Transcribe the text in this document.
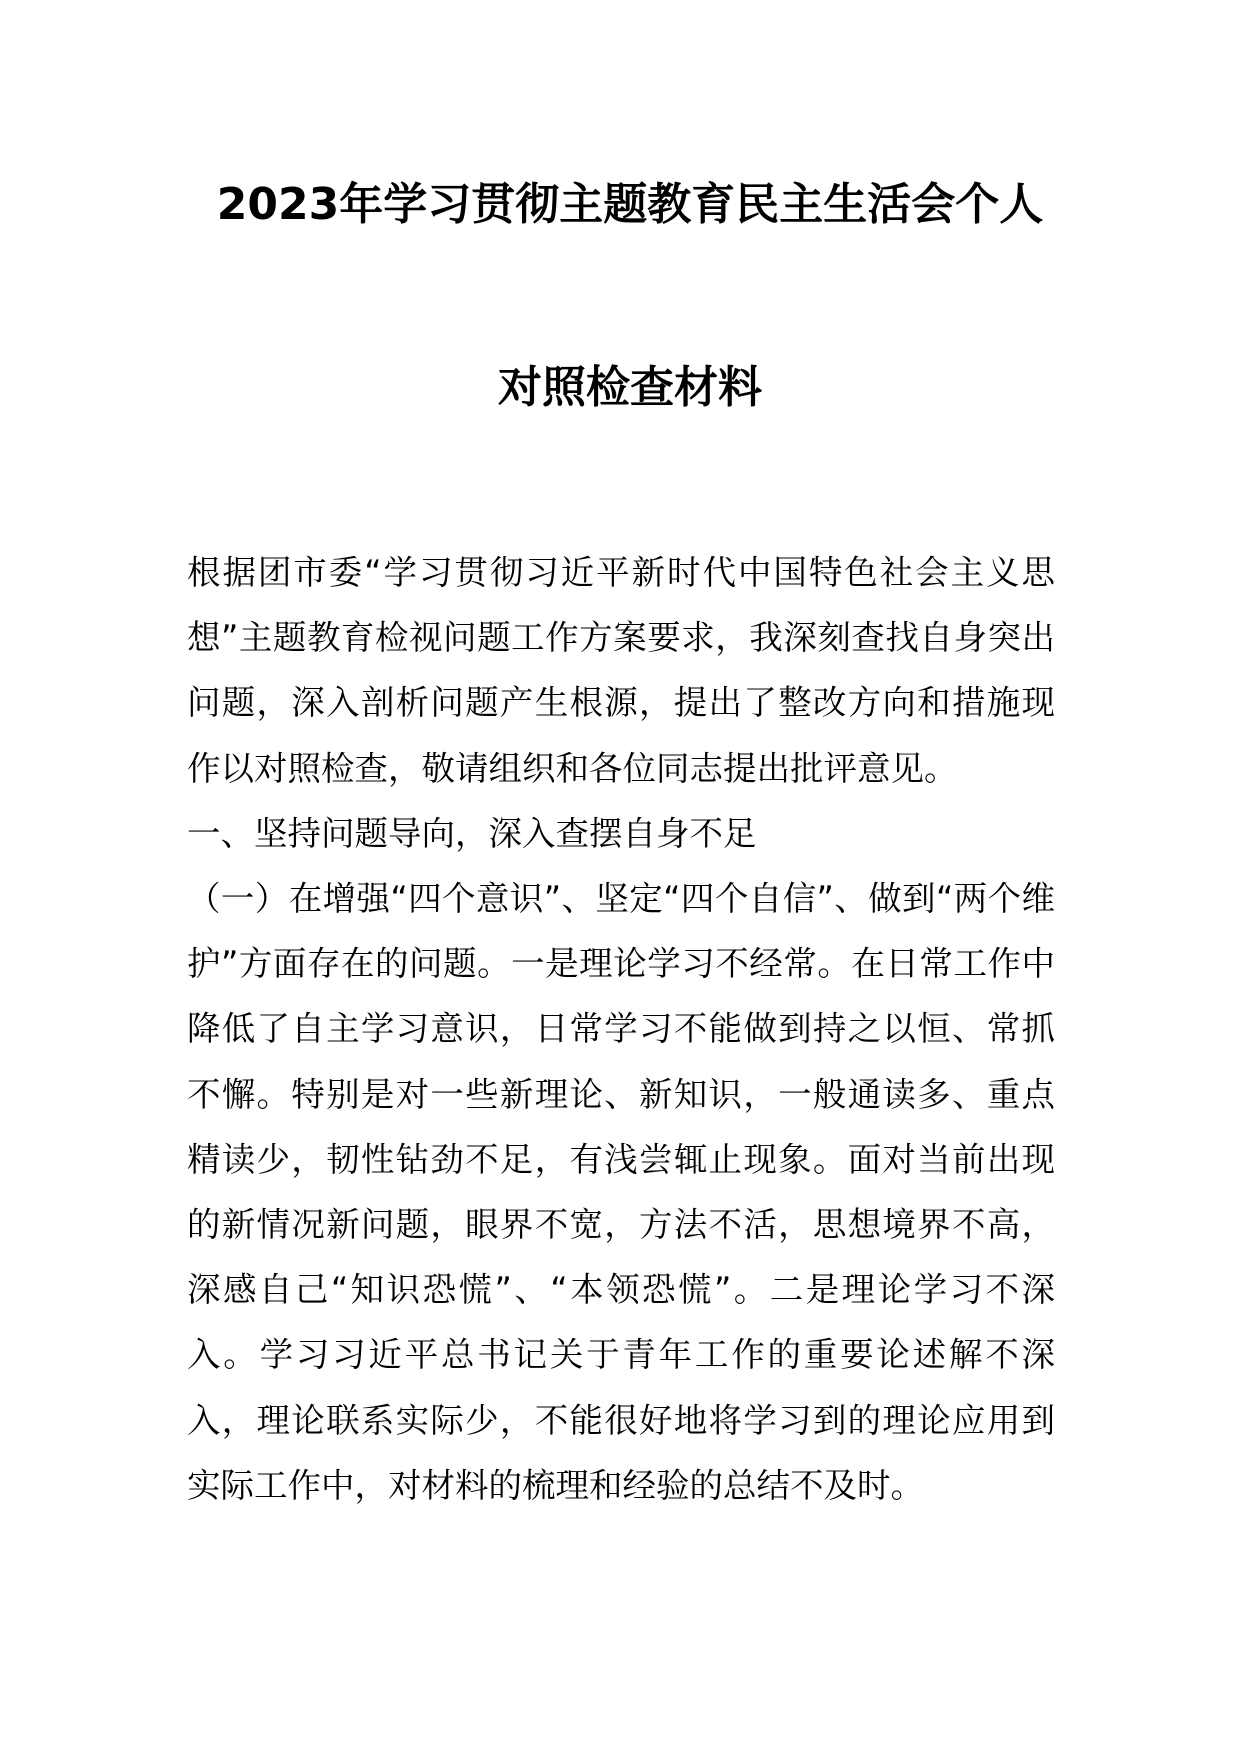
2023年学习贯彻主题教育民主生活会个人
对照检查材料

根据团市委“学习贯彻习近平新时代中国特色社会主义思想”主题教育检视问题工作方案要求，我深刻查找自身突出问题，深入剖析问题产生根源，提出了整改方向和措施现作以对照检查，敬请组织和各位同志提出批评意见。

一、坚持问题导向，深入查摆自身不足

（一）在增强“四个意识”、坚定“四个自信”、做到“两个维护”方面存在的问题。一是理论学习不经常。在日常工作中降低了自主学习意识，日常学习不能做到持之以恒、常抓不懈。特别是对一些新理论、新知识，一般通读多、重点精读少，韧性钻劲不足，有浅尝辄止现象。面对当前出现的新情况新问题，眼界不宽，方法不活，思想境界不高，深感自己“知识恐慌”、“本领恐慌”。二是理论学习不深入。学习习近平总书记关于青年工作的重要论述解不深入，理论联系实际少，不能很好地将学习到的理论应用到实际工作中，对材料的梳理和经验的总结不及时。
